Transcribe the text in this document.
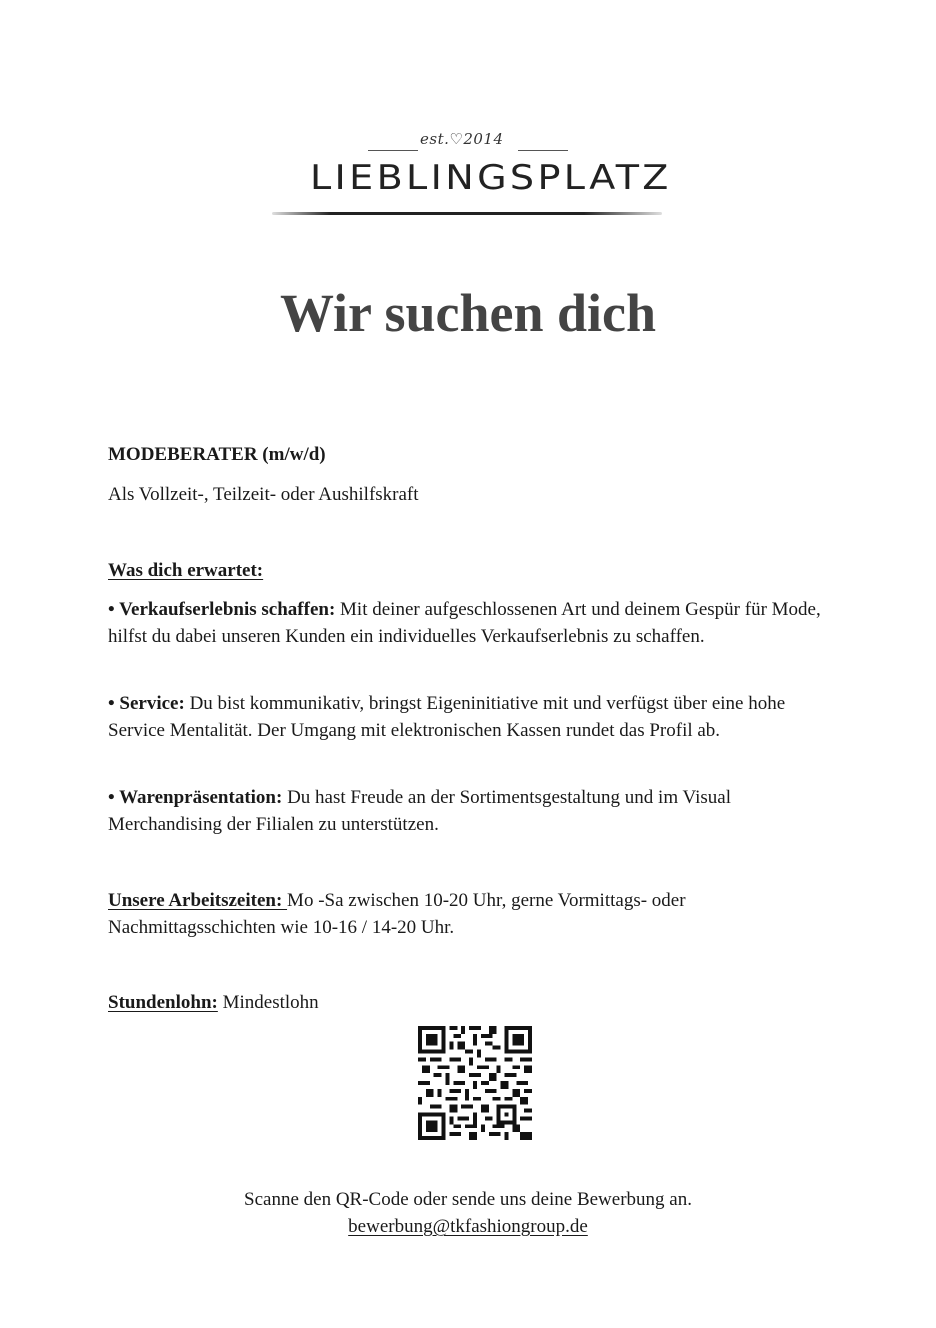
est.♡2014
LIEBLINGSPLATZ
Wir suchen dich
MODEBERATER (m/w/d)
Als Vollzeit-, Teilzeit- oder Aushilfskraft
Was dich erwartet:
• Verkaufserlebnis schaffen: Mit deiner aufgeschlossenen Art und deinem Gespür für Mode, hilfst du dabei unseren Kunden ein individuelles Verkaufserlebnis zu schaffen.
• Service: Du bist kommunikativ, bringst Eigeninitiative mit und verfügst über eine hohe Service Mentalität. Der Umgang mit elektronischen Kassen rundet das Profil ab.
• Warenpräsentation: Du hast Freude an der Sortimentsgestaltung und im Visual Merchandising der Filialen zu unterstützen.
Unsere Arbeitszeiten: Mo -Sa zwischen 10-20 Uhr, gerne Vormittags- oder Nachmittagsschichten wie 10-16 / 14-20 Uhr.
Stundenlohn: Mindestlohn
Scanne den QR-Code oder sende uns deine Bewerbung an.
bewerbung@tkfashiongroup.de
